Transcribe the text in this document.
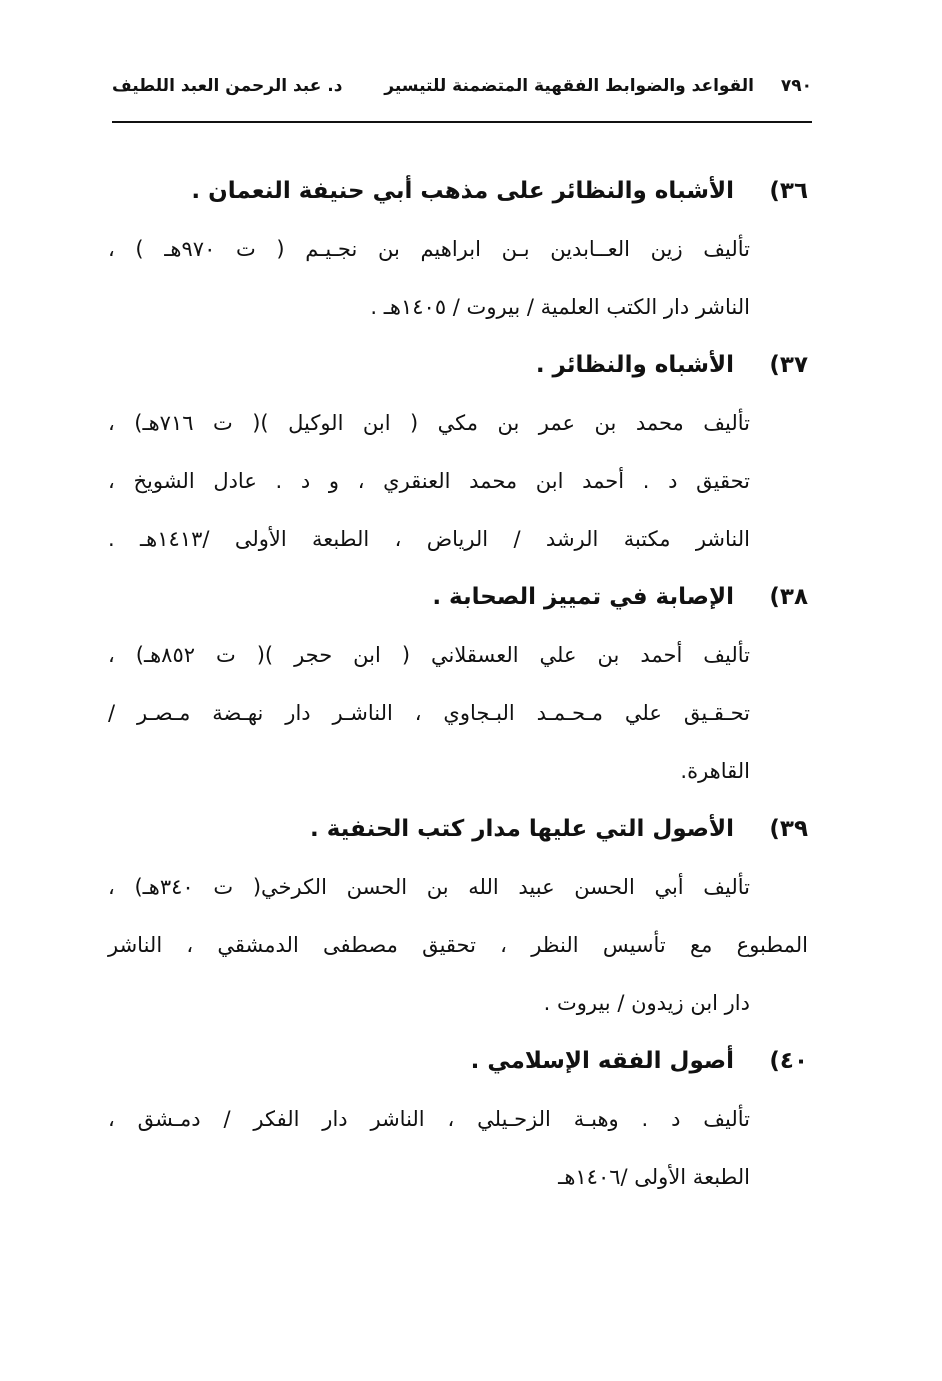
٧٩٠
القواعد والضوابط الفقهية المتضمنة للتيسير
د. عبد الرحمن العبد اللطيف
٣٦)
الأشباه والنظائر على مذهب أبي حنيفة النعمان .
تأليف زين العــابدين بـن ابراهيم بن نجـيـم ( ت ٩٧٠هـ ) ،
الناشر دار الكتب العلمية / بيروت / ١٤٠٥هـ .
٣٧)
الأشباه والنظائر .
تأليف محمد بن عمر بن مكي ( ابن الوكيل )( ت ٧١٦هـ) ،
تحقيق د . أحمد ابن محمد العنقري ، و د . عادل الشويخ ،
الناشر مكتبة الرشد / الرياض ، الطبعة الأولى /١٤١٣هـ .
٣٨)
الإصابة في تمييز الصحابة .
تأليف أحمد بن علي العسقلاني ( ابن حجر )( ت ٨٥٢هـ) ،
تحـقـيق علي مـحـمـد البـجاوي ، الناشـر دار نهـضة مـصـر /
القاهرة.
٣٩)
الأصول التي عليها مدار كتب الحنفية .
تأليف أبي الحسن عبيد الله بن الحسن الكرخي( ت ٣٤٠هـ) ،
المطبوع مع تأسيس النظر ، تحقيق مصطفى الدمشقي ، الناشر
دار ابن زيدون / بيروت .
٤٠)
أصول الفقه الإسلامي .
تأليف د . وهبـة الزحـيلي ، الناشر دار الفكر / دمـشق ،
الطبعة الأولى /١٤٠٦هـ
